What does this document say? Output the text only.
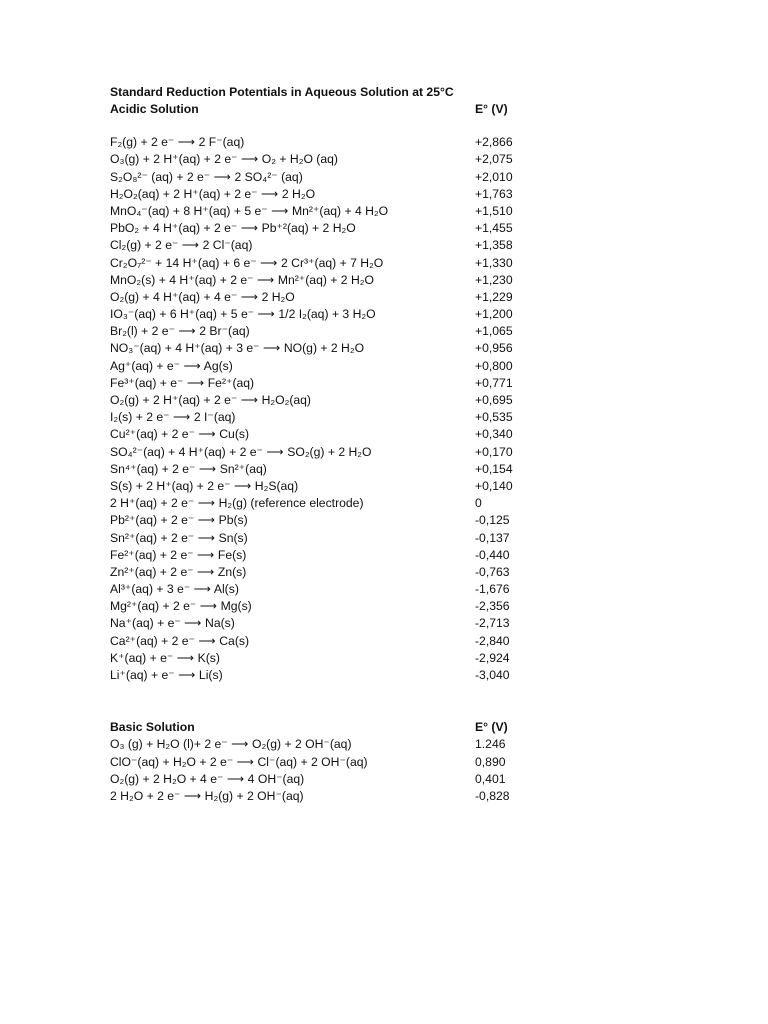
Standard Reduction Potentials in Aqueous Solution at 25°C
Acidic Solution	E° (V)
F₂(g) + 2 e⁻ ⟶ 2 F⁻(aq)	+2,866
O₃(g) + 2 H⁺(aq) + 2 e⁻ ⟶ O₂ + H₂O (aq)	+2,075
S₂O₈²⁻ (aq) + 2 e⁻ ⟶ 2 SO₄²⁻ (aq)	+2,010
H₂O₂(aq) + 2 H⁺(aq) + 2 e⁻ ⟶ 2 H₂O	+1,763
MnO₄⁻(aq) + 8 H⁺(aq) + 5 e⁻ ⟶ Mn²⁺(aq) + 4 H₂O	+1,510
PbO₂ + 4 H⁺(aq) + 2 e⁻ ⟶ Pb⁺²(aq) + 2 H₂O	+1,455
Cl₂(g) + 2 e⁻ ⟶ 2 Cl⁻(aq)	+1,358
Cr₂O₇²⁻ + 14 H⁺(aq) + 6 e⁻ ⟶ 2 Cr³⁺(aq) + 7 H₂O	+1,330
MnO₂(s) + 4 H⁺(aq) + 2 e⁻ ⟶ Mn²⁺(aq) + 2 H₂O	+1,230
O₂(g) + 4 H⁺(aq) + 4 e⁻ ⟶ 2 H₂O	+1,229
IO₃⁻(aq) + 6 H⁺(aq) + 5 e⁻ ⟶ 1/2 I₂(aq) + 3 H₂O	+1,200
Br₂(l) + 2 e⁻ ⟶ 2 Br⁻(aq)	+1,065
NO₃⁻(aq) + 4 H⁺(aq) + 3 e⁻ ⟶ NO(g) + 2 H₂O	+0,956
Ag⁺(aq) + e⁻ ⟶ Ag(s)	+0,800
Fe³⁺(aq) + e⁻ ⟶ Fe²⁺(aq)	+0,771
O₂(g) + 2 H⁺(aq) + 2 e⁻ ⟶ H₂O₂(aq)	+0,695
I₂(s) + 2 e⁻ ⟶ 2 I⁻(aq)	+0,535
Cu²⁺(aq) + 2 e⁻ ⟶ Cu(s)	+0,340
SO₄²⁻(aq) + 4 H⁺(aq) + 2 e⁻ ⟶ SO₂(g) + 2 H₂O	+0,170
Sn⁴⁺(aq) + 2 e⁻ ⟶ Sn²⁺(aq)	+0,154
S(s) + 2 H⁺(aq) + 2 e⁻ ⟶ H₂S(aq)	+0,140
2 H⁺(aq) + 2 e⁻ ⟶ H₂(g) (reference electrode)	0
Pb²⁺(aq) + 2 e⁻ ⟶ Pb(s)	-0,125
Sn²⁺(aq) + 2 e⁻ ⟶ Sn(s)	-0,137
Fe²⁺(aq) + 2 e⁻ ⟶ Fe(s)	-0,440
Zn²⁺(aq) + 2 e⁻ ⟶ Zn(s)	-0,763
Al³⁺(aq) + 3 e⁻ ⟶ Al(s)	-1,676
Mg²⁺(aq) + 2 e⁻ ⟶ Mg(s)	-2,356
Na⁺(aq) + e⁻ ⟶ Na(s)	-2,713
Ca²⁺(aq) + 2 e⁻ ⟶ Ca(s)	-2,840
K⁺(aq) + e⁻ ⟶ K(s)	-2,924
Li⁺(aq) + e⁻ ⟶ Li(s)	-3,040
Basic Solution	E° (V)
O₃ (g) + H₂O (l)+ 2 e⁻ ⟶ O₂(g) + 2 OH⁻(aq)	1.246
ClO⁻(aq) + H₂O + 2 e⁻ ⟶ Cl⁻(aq) + 2 OH⁻(aq)	0,890
O₂(g) + 2 H₂O + 4 e⁻ ⟶ 4 OH⁻(aq)	0,401
2 H₂O + 2 e⁻ ⟶ H₂(g) + 2 OH⁻(aq)	-0,828
